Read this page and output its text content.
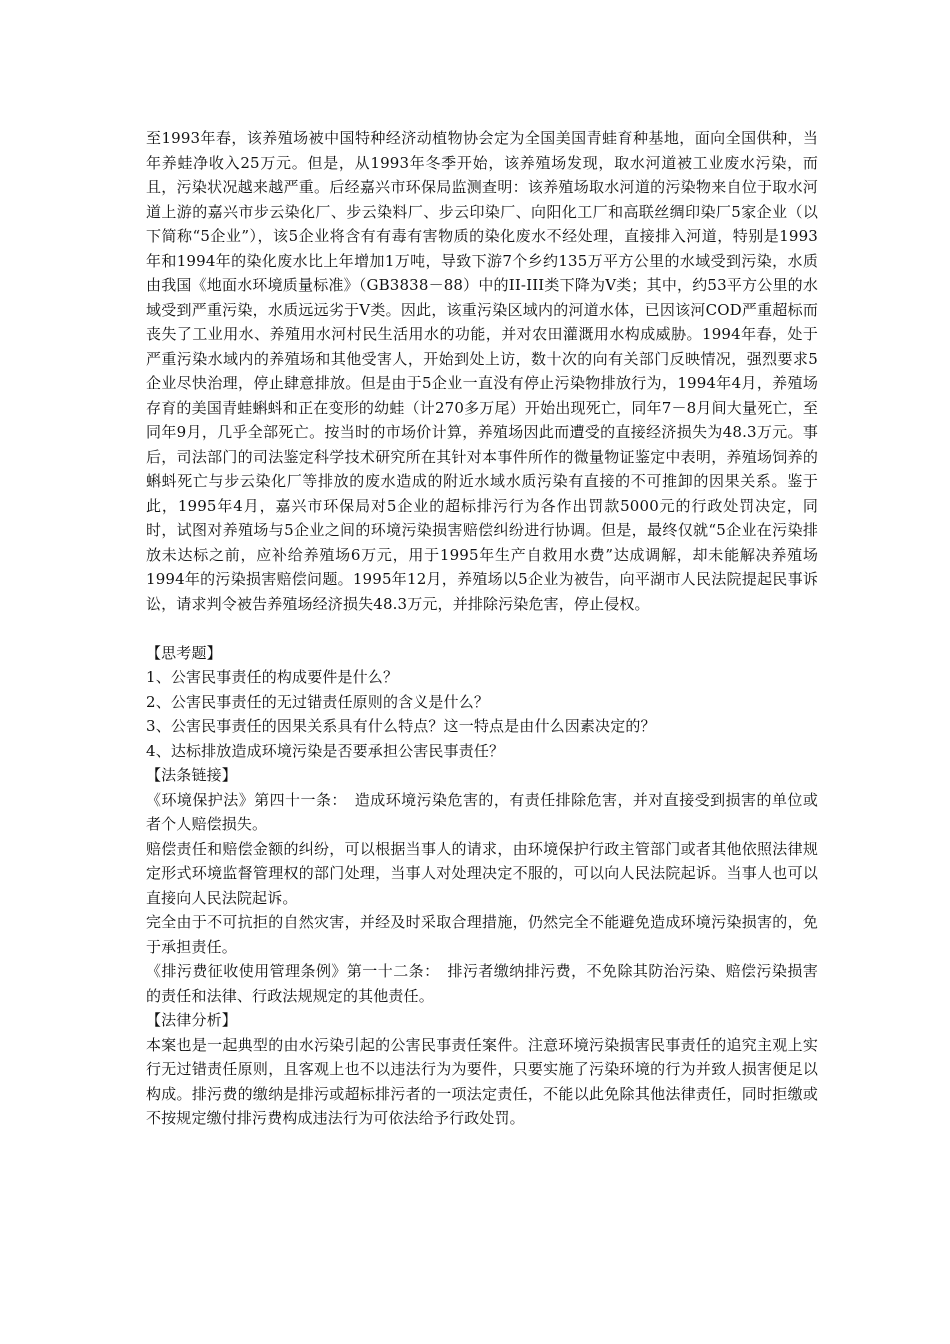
至1993年春，该养殖场被中国特种经济动植物协会定为全国美国青蛙育种基地，面向全国供种，当年养蛙净收入25万元。但是，从1993年冬季开始，该养殖场发现，取水河道被工业废水污染，而且，污染状况越来越严重。后经嘉兴市环保局监测查明：该养殖场取水河道的污染物来自位于取水河道上游的嘉兴市步云染化厂、步云染料厂、步云印染厂、向阳化工厂和高联丝绸印染厂5家企业（以下简称“5企业”），该5企业将含有有毒有害物质的染化废水不经处理，直接排入河道，特别是1993年和1994年的染化废水比上年增加1万吨，导致下游7个乡约135万平方公里的水域受到污染，水质由我国《地面水环境质量标准》（GB3838－88）中的II-III类下降为V类；其中，约53平方公里的水域受到严重污染，水质远远劣于V类。因此，该重污染区域内的河道水体，已因该河COD严重超标而丧失了工业用水、养殖用水河村民生活用水的功能，并对农田灌溉用水构成威胁。1994年春，处于严重污染水域内的养殖场和其他受害人，开始到处上访，数十次的向有关部门反映情况，强烈要求5企业尽快治理，停止肆意排放。但是由于5企业一直没有停止污染物排放行为，1994年4月，养殖场存育的美国青蛙蝌蚪和正在变形的幼蛙（计270多万尾）开始出现死亡，同年7－8月间大量死亡，至同年9月，几乎全部死亡。按当时的市场价计算，养殖场因此而遭受的直接经济损失为48.3万元。事后，司法部门的司法鉴定科学技术研究所在其针对本事件所作的微量物证鉴定中表明，养殖场饲养的蝌蚪死亡与步云染化厂等排放的废水造成的附近水域水质污染有直接的不可推卸的因果关系。鉴于此，1995年4月，嘉兴市环保局对5企业的超标排污行为各作出罚款5000元的行政处罚决定，同时，试图对养殖场与5企业之间的环境污染损害赔偿纠纷进行协调。但是，最终仅就“5企业在污染排放未达标之前，应补给养殖场6万元，用于1995年生产自救用水费”达成调解，却未能解决养殖场1994年的污染损害赔偿问题。1995年12月，养殖场以5企业为被告，向平湖市人民法院提起民事诉讼，请求判令被告养殖场经济损失48.3万元，并排除污染危害，停止侵权。

【思考题】

1、公害民事责任的构成要件是什么？

2、公害民事责任的无过错责任原则的含义是什么？

3、公害民事责任的因果关系具有什么特点？这一特点是由什么因素决定的？

4、达标排放造成环境污染是否要承担公害民事责任？

【法条链接】

《环境保护法》第四十一条：　造成环境污染危害的，有责任排除危害，并对直接受到损害的单位或者个人赔偿损失。

赔偿责任和赔偿金额的纠纷，可以根据当事人的请求，由环境保护行政主管部门或者其他依照法律规定形式环境监督管理权的部门处理，当事人对处理决定不服的，可以向人民法院起诉。当事人也可以直接向人民法院起诉。

完全由于不可抗拒的自然灾害，并经及时采取合理措施，仍然完全不能避免造成环境污染损害的，免于承担责任。

《排污费征收使用管理条例》第一十二条：　排污者缴纳排污费，不免除其防治污染、赔偿污染损害的责任和法律、行政法规规定的其他责任。

【法律分析】

本案也是一起典型的由水污染引起的公害民事责任案件。注意环境污染损害民事责任的追究主观上实行无过错责任原则，且客观上也不以违法行为为要件，只要实施了污染环境的行为并致人损害便足以构成。排污费的缴纳是排污或超标排污者的一项法定责任，不能以此免除其他法律责任，同时拒缴或不按规定缴付排污费构成违法行为可依法给予行政处罚。
